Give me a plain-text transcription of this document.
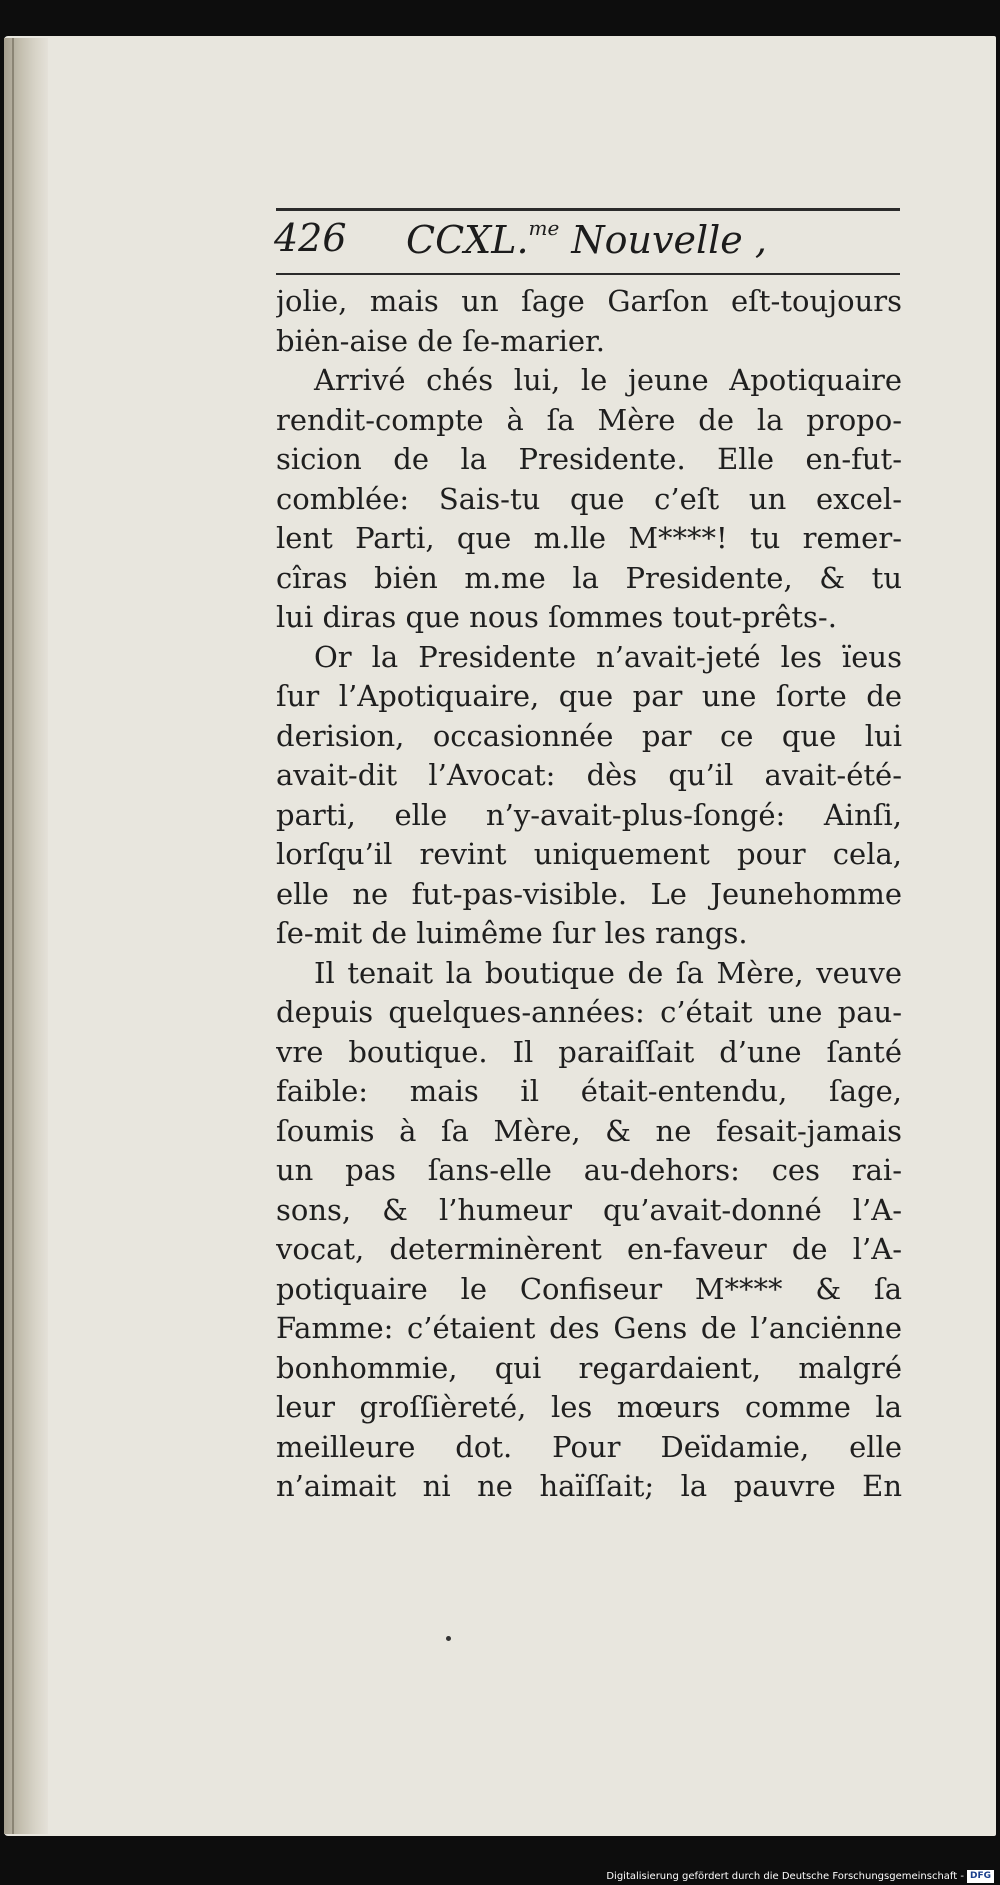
426 CCXL.$^{me}$ Nouvelle ,
jolie, mais un ſage Garſon eſt-toujours
biėn-aise de ſe-marier.
Arrivé chés lui, le jeune Apotiquaire
rendit-compte à ſa Mère de la propo-
sicion de la Presidente. Elle en-fut-
comblée: Sais-tu que c’eſt un excel-
lent Parti, que m.lle M****! tu remer-
cîras biėn m.me la Presidente, & tu
lui diras que nous ſommes tout-prêts-.
Or la Presidente n’avait-jeté les ïeus
ſur l’Apotiquaire, que par une ſorte de
derision, occasionnée par ce que lui
avait-dit l’Avocat: dès qu’il avait-été-
parti, elle n’y-avait-plus-ſongé: Ainſi,
lorſqu’il revint uniquement pour cela,
elle ne fut-pas-visible. Le Jeunehomme
ſe-mit de luimême ſur les rangs.
Il tenait la boutique de ſa Mère, veuve
depuis quelques-années: c’était une pau-
vre boutique. Il paraiſſait d’une ſanté
faible: mais il était-entendu, ſage,
ſoumis à ſa Mère, & ne fesait-jamais
un pas ſans-elle au-dehors: ces rai-
sons, & l’humeur qu’avait-donné l’A-
vocat, determinèrent en-faveur de l’A-
potiquaire le Confiseur M**** & ſa
Famme: c’étaient des Gens de l’anciėnne
bonhommie, qui regardaient, malgré
leur groſſièreté, les mœurs comme la
meilleure dot. Pour Deïdamie, elle
n’aimait ni ne haïſſait; la pauvre En
Digitalisierung gefördert durch die Deutsche Forschungsgemeinschaft - DFG
